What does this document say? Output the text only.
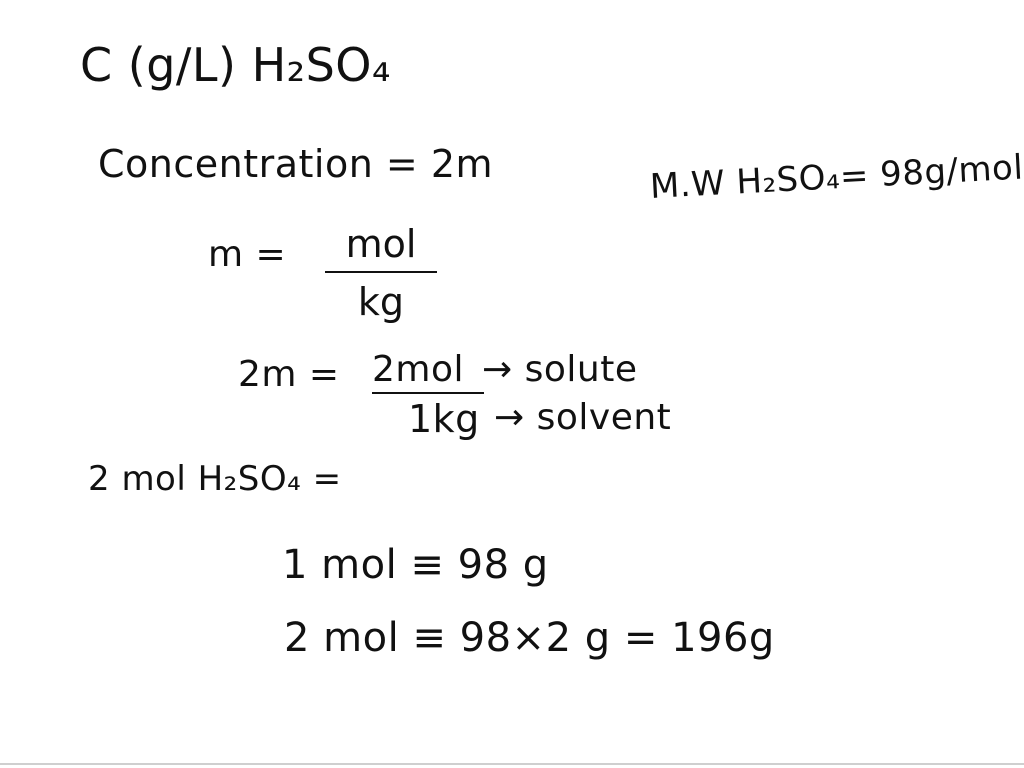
C (g/L) H₂SO₄
Concentration = 2m	M.W H₂SO₄= 98g/mol
m = mol
kg
2m = 2mol
1kg
→ solute
→ solvent
2 mol H₂SO₄ =
1 mol ≡ 98 g
2 mol ≡ 98×2 g = 196g
